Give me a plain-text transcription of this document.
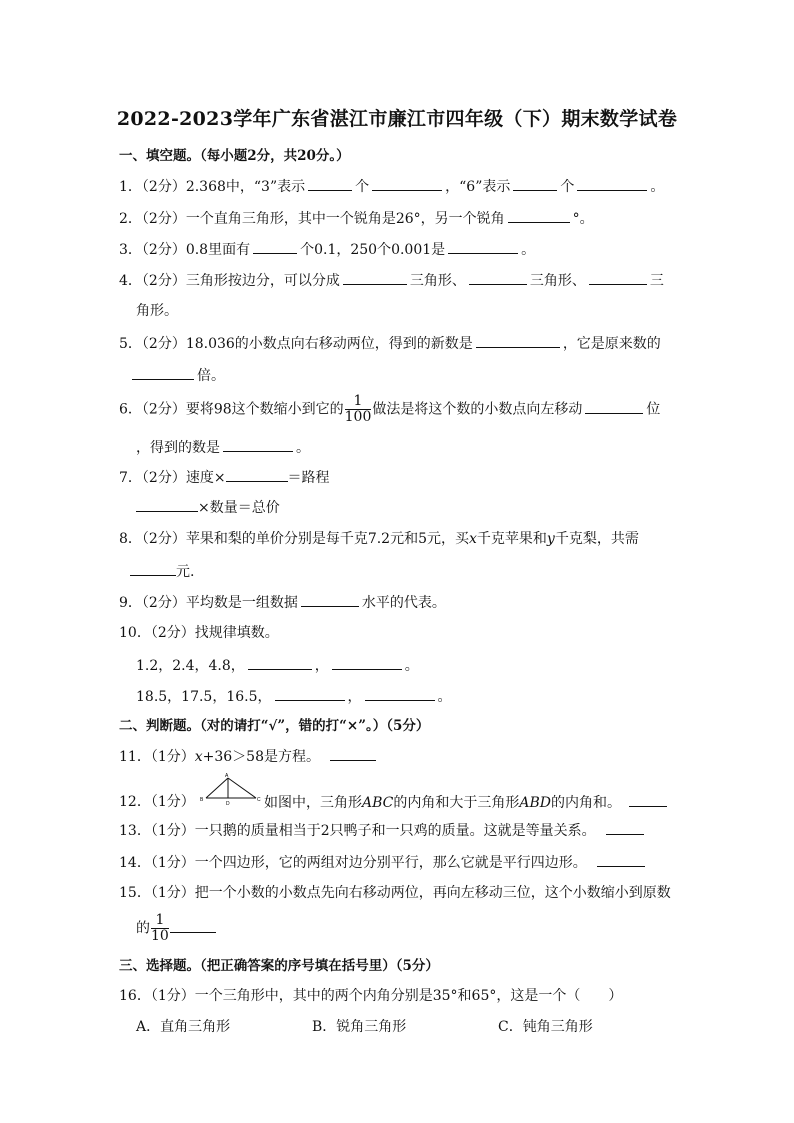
2022-2023学年广东省湛江市廉江市四年级（下）期末数学试卷
一、填空题。（每小题2分，共20分。）
1．（2分）2.368中，“3”表示	个	，“6”表示	个	。
2．（2分）一个直角三角形，其中一个锐角是26°，另一个锐角	°。
3．（2分）0.8里面有	个0.1，250个0.001是	。
4．（2分）三角形按边分，可以分成	三角形、	三角形、	三
角形。
5．（2分）18.036的小数点向右移动两位，得到的新数是	，它是原来数的
倍。
6．（2分）要将98这个数缩小到它的 $\frac{1}{100}$ 做法是将这个数的小数点向左移动	位
，得到的数是	。
7．（2分）速度×	＝路程
×数量＝总价
8．（2分）苹果和梨的单价分别是每千克7.2元和5元，买x千克苹果和y千克梨，共需
元.
9．（2分）平均数是一组数据	水平的代表。
10．（2分）找规律填数。
1.2，2.4，4.8，	，	。
18.5，17.5，16.5，	，	。
二、判断题。（对的请打“√”，错的打“×”。）（5分）
11．（1分）x+36＞58是方程。
12．（1分）
A
B
D
C 如图中，三角形ABC的内角和大于三角形ABD的内角和。
13．（1分）一只鹅的质量相当于2只鸭子和一只鸡的质量。这就是等量关系。
14．（1分）一个四边形，它的两组对边分别平行，那么它就是平行四边形。
15．（1分）把一个小数的小数点先向右移动两位，再向左移动三位，这个小数缩小到原数
的 $\frac{1}{10}$
三、选择题。（把正确答案的序号填在括号里）（5分）
16．（1分）一个三角形中，其中的两个内角分别是35°和65°，这是一个（　　）
A．直角三角形	B．锐角三角形	C．钝角三角形
